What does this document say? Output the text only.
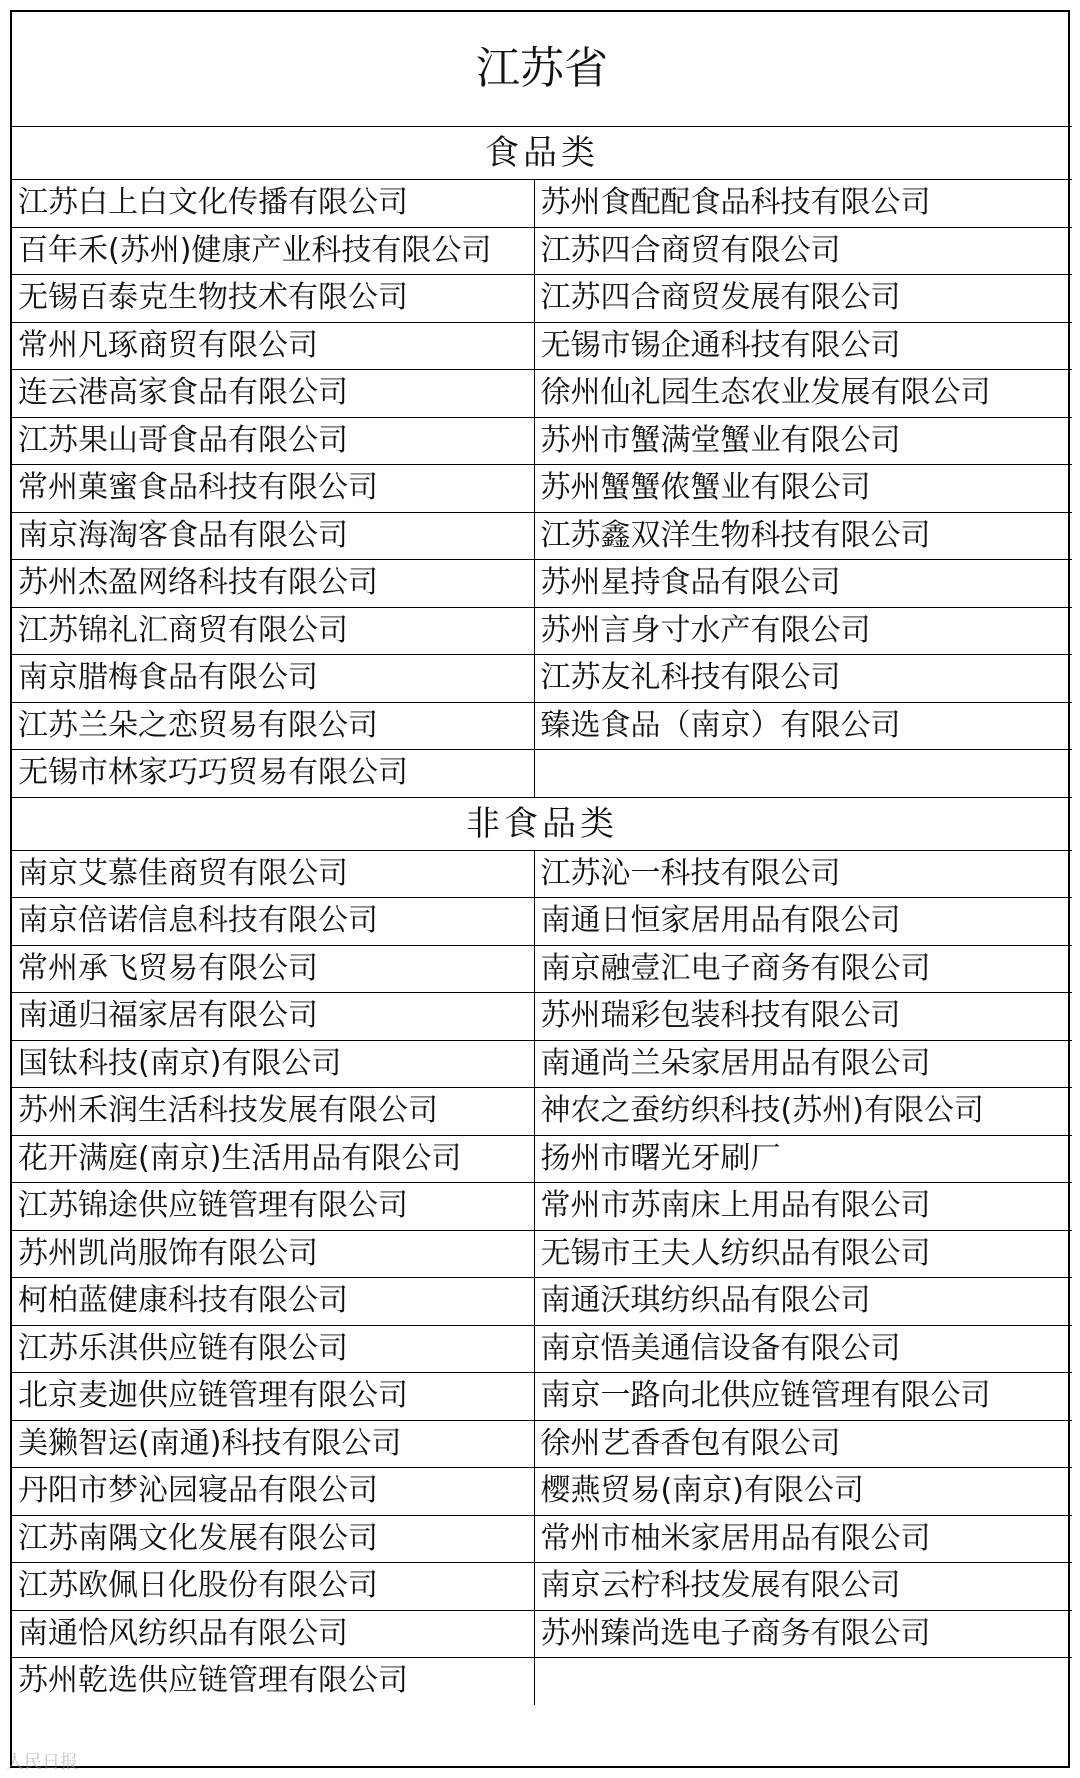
江苏省	
食品类	
江苏白上白文化传播有限公司	苏州食配配食品科技有限公司
百年禾(苏州)健康产业科技有限公司	江苏四合商贸有限公司
无锡百泰克生物技术有限公司	江苏四合商贸发展有限公司
常州凡琢商贸有限公司	无锡市锡企通科技有限公司
连云港高家食品有限公司	徐州仙礼园生态农业发展有限公司
江苏果山哥食品有限公司	苏州市蟹满堂蟹业有限公司
常州菓蜜食品科技有限公司	苏州蟹蟹侬蟹业有限公司
南京海淘客食品有限公司	江苏鑫双洋生物科技有限公司
苏州杰盈网络科技有限公司	苏州星持食品有限公司
江苏锦礼汇商贸有限公司	苏州言身寸水产有限公司
南京腊梅食品有限公司	江苏友礼科技有限公司
江苏兰朵之恋贸易有限公司	臻选食品（南京）有限公司
无锡市林家巧巧贸易有限公司	
非食品类	
南京艾慕佳商贸有限公司	江苏沁一科技有限公司
南京倍诺信息科技有限公司	南通日恒家居用品有限公司
常州承飞贸易有限公司	南京融壹汇电子商务有限公司
南通归福家居有限公司	苏州瑞彩包装科技有限公司
国钛科技(南京)有限公司	南通尚兰朵家居用品有限公司
苏州禾润生活科技发展有限公司	神农之蚕纺织科技(苏州)有限公司
花开满庭(南京)生活用品有限公司	扬州市曙光牙刷厂
江苏锦途供应链管理有限公司	常州市苏南床上用品有限公司
苏州凯尚服饰有限公司	无锡市王夫人纺织品有限公司
柯柏蓝健康科技有限公司	南通沃琪纺织品有限公司
江苏乐淇供应链有限公司	南京悟美通信设备有限公司
北京麦迦供应链管理有限公司	南京一路向北供应链管理有限公司
美獭智运(南通)科技有限公司	徐州艺香香包有限公司
丹阳市梦沁园寝品有限公司	樱燕贸易(南京)有限公司
江苏南隅文化发展有限公司	常州市柚米家居用品有限公司
江苏欧佩日化股份有限公司	南京云柠科技发展有限公司
南通恰风纺织品有限公司	苏州臻尚选电子商务有限公司
苏州乾选供应链管理有限公司	
人民日报
